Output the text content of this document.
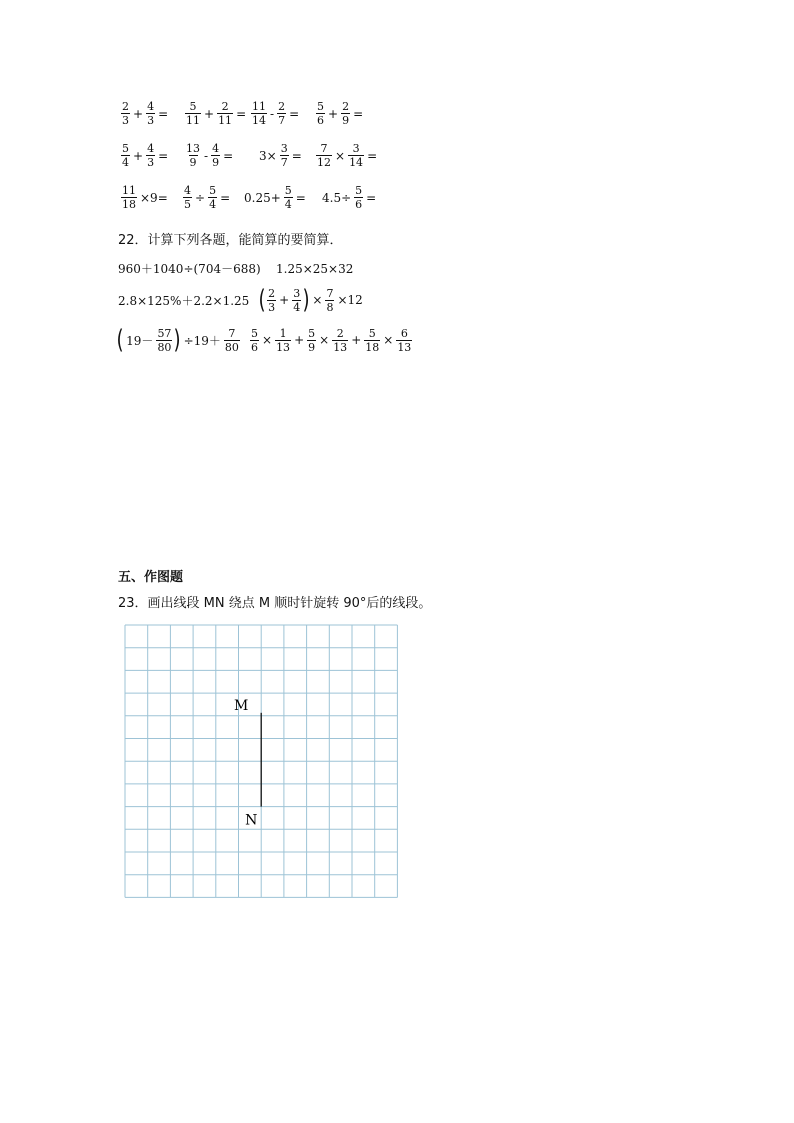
$\frac{2}{3} + \frac{4}{3} = \frac{5}{11} + \frac{2}{11} = \frac{11}{14} - \frac{2}{7} = \frac{5}{6} + \frac{2}{9}$ =
$\frac{5}{4} + \frac{4}{3} = \frac{13}{9} - \frac{4}{9} = 3\times \frac{3}{7} = \frac{7}{12} \times \frac{3}{14}$ =
$\frac{11}{18} \times 9= \frac{4}{5} \div \frac{5}{4} = 0.25+ \frac{5}{4} = 4.5\div \frac{5}{6}$ =
22．计算下列各题，能简算的要简算．
960＋1040÷(704－688)	1.25×25×32
2.8×125%＋2.2×1.25 ( $\frac{2}{3} + \frac{3}{4}$ ) × $\frac{7}{8} \times 12$
( $19- \frac{57}{80}$ ) $\div 19+ \frac{7}{80} \frac{5}{6} \times \frac{1}{13} + \frac{5}{9} \times \frac{2}{13} + \frac{5}{18} \times \frac{6}{13}$
五、作图题
23．画出线段 MN 绕点 M 顺时针旋转 90°后的线段。
M
N
